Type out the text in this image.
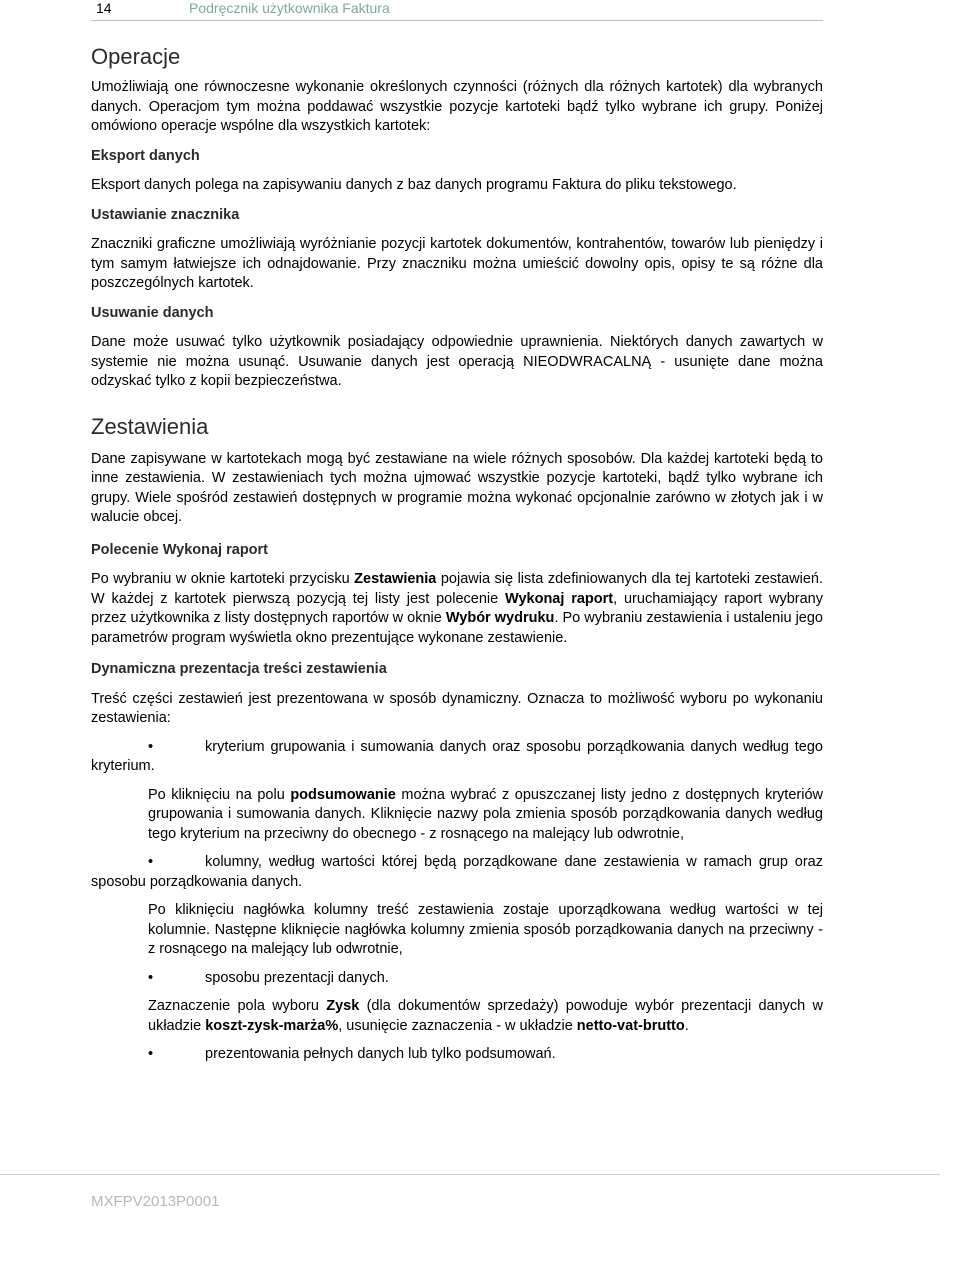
14	Podręcznik użytkownika Faktura
Operacje

Umożliwiają one równoczesne wykonanie określonych czynności (różnych dla różnych kartotek) dla wybranych danych. Operacjom tym można poddawać wszystkie pozycje kartoteki bądź tylko wybrane ich grupy. Poniżej omówiono operacje wspólne dla wszystkich kartotek:

Eksport danych

Eksport danych polega na zapisywaniu danych z baz danych programu Faktura do pliku tekstowego.

Ustawianie znacznika

Znaczniki graficzne umożliwiają wyróżnianie pozycji kartotek dokumentów, kontrahentów, towarów lub pieniędzy i tym samym łatwiejsze ich odnajdowanie. Przy znaczniku można umieścić dowolny opis, opisy te są różne dla poszczególnych kartotek.

Usuwanie danych

Dane może usuwać tylko użytkownik posiadający odpowiednie uprawnienia. Niektórych danych zawartych w systemie nie można usunąć. Usuwanie danych jest operacją NIEODWRACALNĄ - usunięte dane można odzyskać tylko z kopii bezpieczeństwa.

Zestawienia

Dane zapisywane w kartotekach mogą być zestawiane na wiele różnych sposobów. Dla każdej kartoteki będą to inne zestawienia. W zestawieniach tych można ujmować wszystkie pozycje kartoteki, bądź tylko wybrane ich grupy. Wiele spośród zestawień dostępnych w programie można wykonać opcjonalnie zarówno w złotych jak i w walucie obcej.

Polecenie Wykonaj raport

Po wybraniu w oknie kartoteki przycisku Zestawienia pojawia się lista zdefiniowanych dla tej kartoteki zestawień. W każdej z kartotek pierwszą pozycją tej listy jest polecenie Wykonaj raport, uruchamiający raport wybrany przez użytkownika z listy dostępnych raportów w oknie Wybór wydruku. Po wybraniu zestawienia i ustaleniu jego parametrów program wyświetla okno prezentujące wykonane zestawienie.

Dynamiczna prezentacja treści zestawienia

Treść części zestawień jest prezentowana w sposób dynamiczny. Oznacza to możliwość wyboru po wykonaniu zestawienia:

•	kryterium grupowania i sumowania danych oraz sposobu porządkowania danych według tego kryterium.

Po kliknięciu na polu podsumowanie można wybrać z opuszczanej listy jedno z dostępnych kryteriów grupowania i sumowania danych. Kliknięcie nazwy pola zmienia sposób porządkowania danych według tego kryterium na przeciwny do obecnego - z rosnącego na malejący lub odwrotnie,

•	kolumny, według wartości której będą porządkowane dane zestawienia w ramach grup oraz sposobu porządkowania danych.

Po kliknięciu nagłówka kolumny treść zestawienia zostaje uporządkowana według wartości w tej kolumnie. Następne kliknięcie nagłówka kolumny zmienia sposób porządkowania danych na przeciwny - z rosnącego na malejący lub odwrotnie,

•	sposobu prezentacji danych.

Zaznaczenie pola wyboru Zysk (dla dokumentów sprzedaży) powoduje wybór prezentacji danych w układzie koszt-zysk-marża%, usunięcie zaznaczenia - w układzie netto-vat-brutto.

•	prezentowania pełnych danych lub tylko podsumowań.

MXFPV2013P0001
